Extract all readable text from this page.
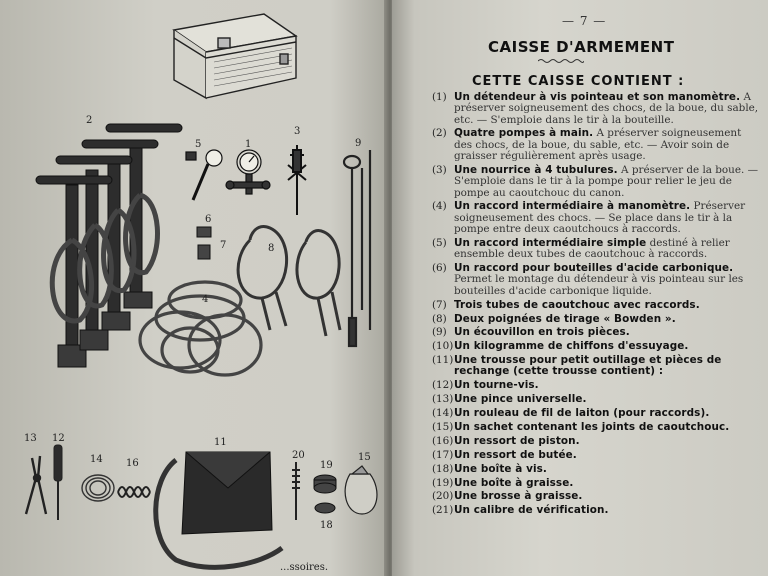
2
5	1
3
9
6
7	8
4
13 12
14 16
11
20
19
15
18
...ssoires.
— 7 —
CAISSE D'ARMEMENT
CETTE CAISSE CONTIENT :
(1) Un détendeur à vis pointeau et son manomètre. A préserver soigneusement des chocs, de la boue, du sable, etc. — S'emploie dans le tir à la bouteille.
(2) Quatre pompes à main. A préserver soigneusement des chocs, de la boue, du sable, etc. — Avoir soin de graisser régulièrement après usage.
(3) Une nourrice à 4 tubulures. A préserver de la boue. — S'emploie dans le tir à la pompe pour relier le jeu de pompe au caoutchouc du canon.
(4) Un raccord intermédiaire à manomètre. Préserver soigneusement des chocs. — Se place dans le tir à la pompe entre deux caoutchoucs à raccords.
(5) Un raccord intermédiaire simple destiné à relier ensemble deux tubes de caoutchouc à raccords.
(6) Un raccord pour bouteilles d'acide carbonique. Permet le montage du détendeur à vis pointeau sur les bouteilles d'acide carbonique liquide.
(7) Trois tubes de caoutchouc avec raccords.
(8) Deux poignées de tirage « Bowden ».
(9) Un écouvillon en trois pièces.
(10) Un kilogramme de chiffons d'essuyage.
(11) Une trousse pour petit outillage et pièces de rechange (cette trousse contient) :
(12) Un tourne-vis.
(13) Une pince universelle.
(14) Un rouleau de fil de laiton (pour raccords).
(15) Un sachet contenant les joints de caoutchouc.
(16) Un ressort de piston.
(17) Un ressort de butée.
(18) Une boîte à vis.
(19) Une boîte à graisse.
(20) Une brosse à graisse.
(21) Un calibre de vérification.
